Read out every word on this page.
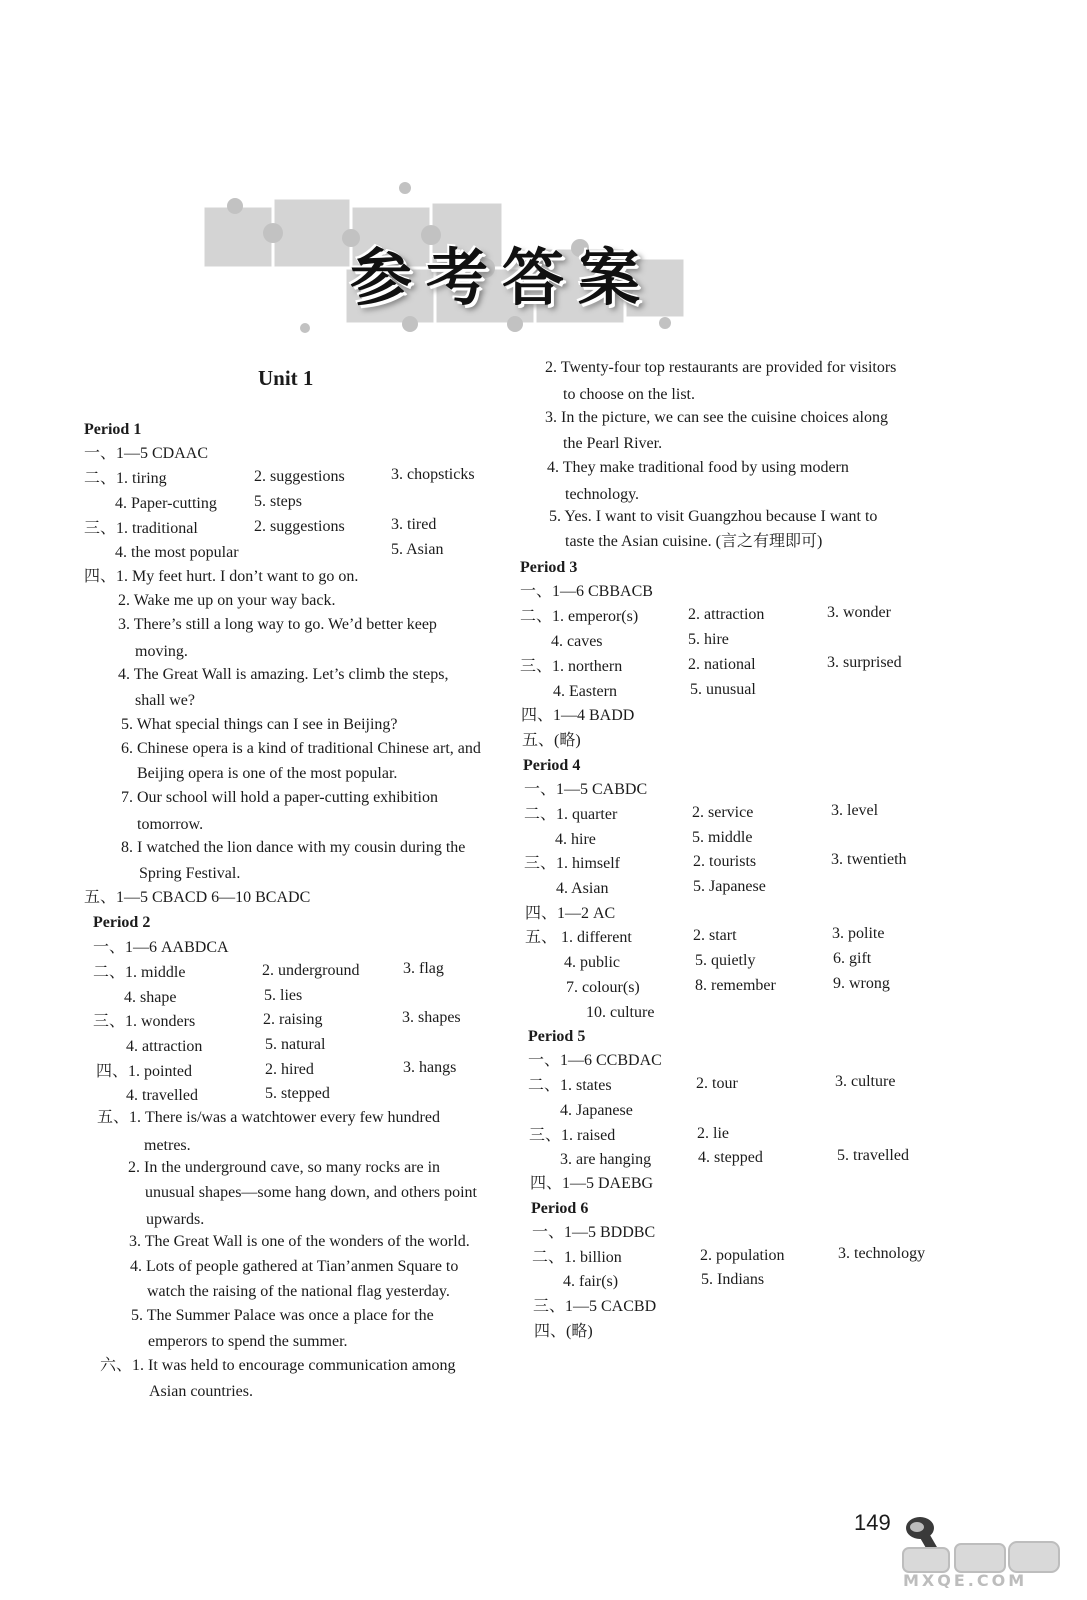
参考答案
Unit 1
Period 1
一、1—5 CDAAC
二、1. tiring	2. suggestions	3. chopsticks
4. Paper-cutting 5. steps
三、1. traditional	2. suggestions	3. tired
4. the most popular	5. Asian
四、1. My feet hurt. I don’t want to go on.
2. Wake me up on your way back.
3. There’s still a long way to go. We’d better keep
moving.
4. The Great Wall is amazing. Let’s climb the steps,
shall we?
5. What special things can I see in Beijing?
6. Chinese opera is a kind of traditional Chinese art, and
Beijing opera is one of the most popular.
7. Our school will hold a paper-cutting exhibition
tomorrow.
8. I watched the lion dance with my cousin during the
Spring Festival.
五、1—5 CBACD 6—10 BCADC
Period 2
一、1—6 AABDCA
二、1. middle	2. underground	3. flag
4. shape	5. lies
三、1. wonders	2. raising	3. shapes
4. attraction	5. natural
四、1. pointed	2. hired	3. hangs
4. travelled	5. stepped
五、1. There is/was a watchtower every few hundred
metres.
2. In the underground cave, so many rocks are in
unusual shapes—some hang down, and others point
upwards.
3. The Great Wall is one of the wonders of the world.
4. Lots of people gathered at Tian’anmen Square to
watch the raising of the national flag yesterday.
5. The Summer Palace was once a place for the
emperors to spend the summer.
六、1. It was held to encourage communication among
Asian countries.
2. Twenty-four top restaurants are provided for visitors
to choose on the list.
3. In the picture, we can see the cuisine choices along
the Pearl River.
4. They make traditional food by using modern
technology.
5. Yes. I want to visit Guangzhou because I want to
taste the Asian cuisine. (言之有理即可)
Period 3
一、1—6 CBBACB
二、1. emperor(s)	2. attraction	3. wonder
4. caves	5. hire
三、1. northern	2. national	3. surprised
4. Eastern	5. unusual
四、1—4 BADD
五、(略)
Period 4
一、1—5 CABDC
二、1. quarter	2. service	3. level
4. hire	5. middle
三、1. himself	2. tourists	3. twentieth
4. Asian	5. Japanese
四、1—2 AC
五、 1. different	2. start	3. polite
4. public	5. quietly	6. gift
7. colour(s)	8. remember	9. wrong
10. culture
Period 5
一、1—6 CCBDAC
二、1. states	2. tour	3. culture
4. Japanese
三、1. raised	2. lie
3. are hanging	4. stepped	5. travelled
四、1—5 DAEBG
Period 6
一、1—5 BDDBC
二、1. billion	2. population	3. technology
4. fair(s)	5. Indians
三、1—5 CACBD
四、(略)
149
MXQE.COM
